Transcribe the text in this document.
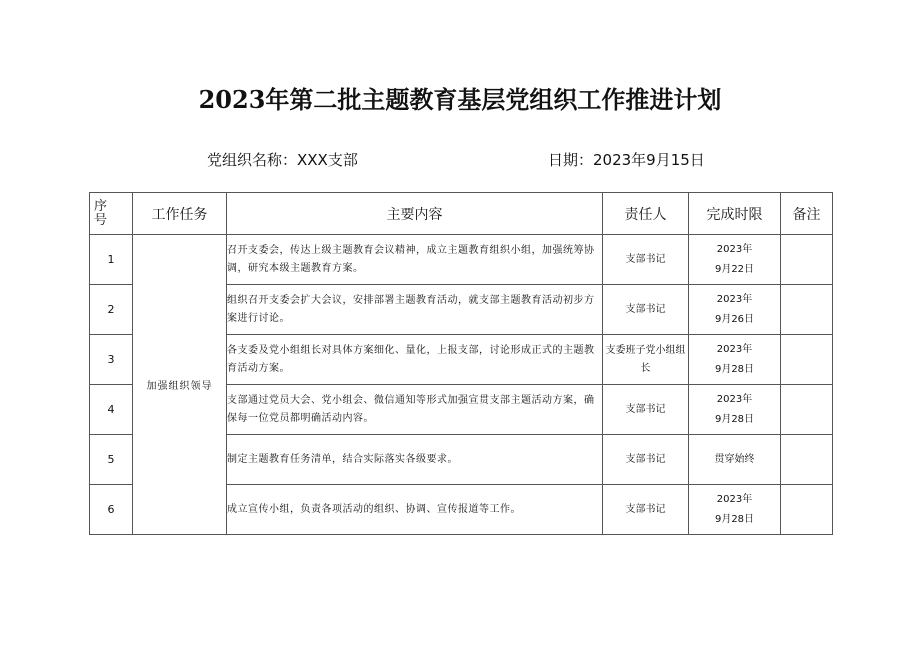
2023年第二批主题教育基层党组织工作推进计划
党组织名称：XXX支部	日期：2023年9月15日
序
号	工作任务	主要内容	责任人	完成时限	备注
1	加强组织领导	召开支委会，传达上级主题教育会议精神，成立主题教育组织小组，加强统筹协调，研究本级主题教育方案。	支部书记	2023年
9月22日	

2		组织召开支委会扩大会议，安排部署主题教育活动，就支部主题教育活动初步方案进行讨论。	支部书记	2023年
9月26日	

3		各支委及党小组组长对具体方案细化、量化，上报支部，讨论形成正式的主题教育活动方案。	支委班子党小组组长	2023年
9月28日	

4		支部通过党员大会、党小组会、微信通知等形式加强宣贯支部主题活动方案，确保每一位党员都明确活动内容。	支部书记	2023年
9月28日	

5		制定主题教育任务清单，结合实际落实各级要求。	支部书记	贯穿始终	

6		成立宣传小组，负责各项活动的组织、协调、宣传报道等工作。	支部书记	2023年
9月28日	
